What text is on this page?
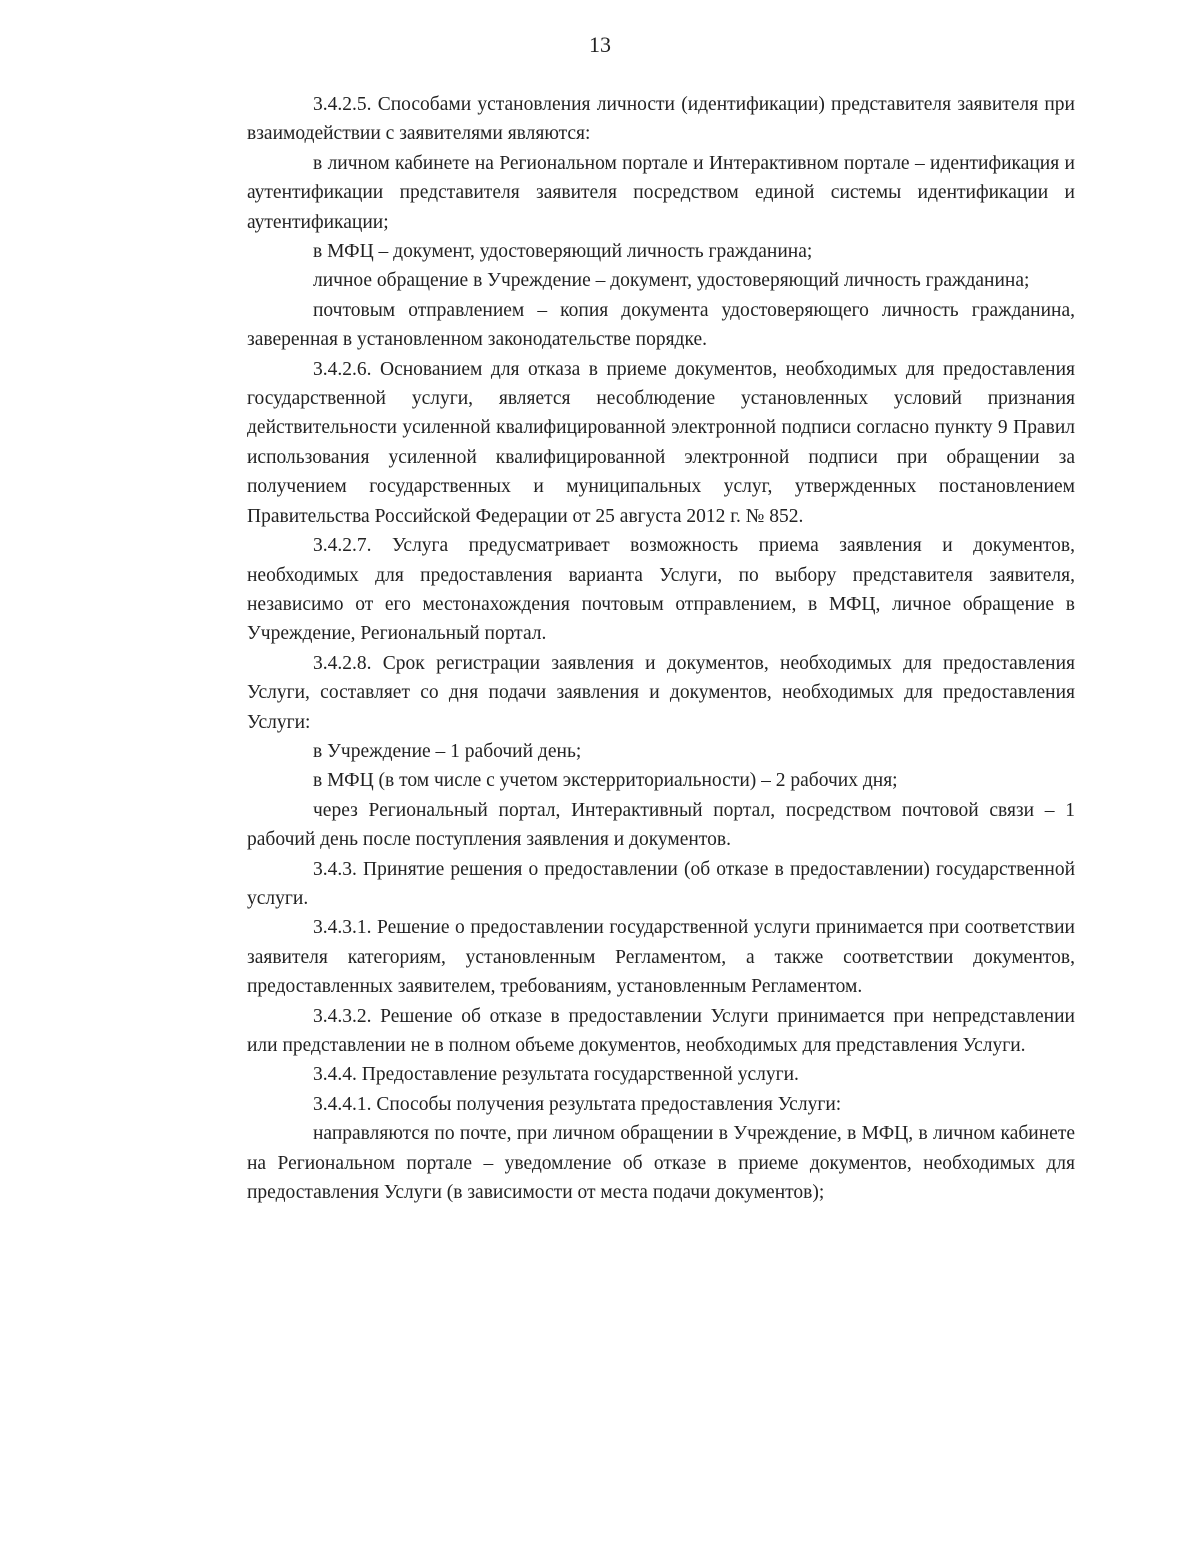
13

3.4.2.5. Способами установления личности (идентификации) представителя заявителя при взаимодействии с заявителями являются:

в личном кабинете на Региональном портале и Интерактивном портале – идентификация и аутентификации представителя заявителя посредством единой системы идентификации и аутентификации;

в МФЦ – документ, удостоверяющий личность гражданина;

личное обращение в Учреждение – документ, удостоверяющий личность гражданина;

почтовым отправлением – копия документа удостоверяющего личность гражданина, заверенная в установленном законодательстве порядке.

3.4.2.6. Основанием для отказа в приеме документов, необходимых для предоставления государственной услуги, является несоблюдение установленных условий признания действительности усиленной квалифицированной электронной подписи согласно пункту 9 Правил использования усиленной квалифицированной электронной подписи при обращении за получением государственных и муниципальных услуг, утвержденных постановлением Правительства Российской Федерации от 25 августа 2012 г. № 852.

3.4.2.7. Услуга предусматривает возможность приема заявления и документов, необходимых для предоставления варианта Услуги, по выбору представителя заявителя, независимо от его местонахождения почтовым отправлением, в МФЦ, личное обращение в Учреждение, Региональный портал.

3.4.2.8. Срок регистрации заявления и документов, необходимых для предоставления Услуги, составляет со дня подачи заявления и документов, необходимых для предоставления Услуги:

в Учреждение – 1 рабочий день;

в МФЦ (в том числе с учетом экстерриториальности) – 2 рабочих дня;

через Региональный портал, Интерактивный портал, посредством почтовой связи – 1 рабочий день после поступления заявления и документов.

3.4.3. Принятие решения о предоставлении (об отказе в предоставлении) государственной услуги.

3.4.3.1. Решение о предоставлении государственной услуги принимается при соответствии заявителя категориям, установленным Регламентом, а также соответствии документов, предоставленных заявителем, требованиям, установленным Регламентом.

3.4.3.2. Решение об отказе в предоставлении Услуги принимается при непредставлении или представлении не в полном объеме документов, необходимых для представления Услуги.

3.4.4. Предоставление результата государственной услуги.

3.4.4.1. Способы получения результата предоставления Услуги:

направляются по почте, при личном обращении в Учреждение, в МФЦ, в личном кабинете на Региональном портале – уведомление об отказе в приеме документов, необходимых для предоставления Услуги (в зависимости от места подачи документов);
